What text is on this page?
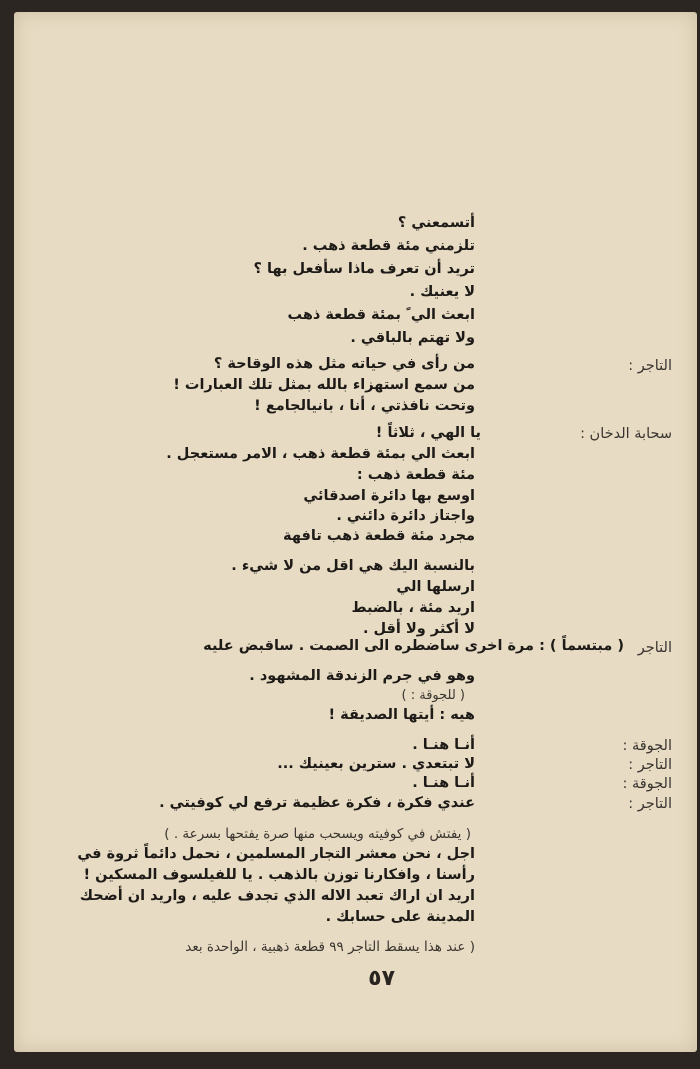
أتسمعني ؟
تلزمني مئة قطعة ذهب .
تريد أن تعرف ماذا سأفعل بها ؟
لا يعنيك .
ابعث الي ً بمئة قطعة ذهب
ولا تهتم بالباقي .
التاجر :
من رأى في حياته مثل هذه الوقاحة ؟
من سمع استهزاء بالله بمثل تلك العبارات !
وتحت نافذتي ، أنا ، بانيالجامع !
سحابة الدخان :
يا الهي ، ثلاثاً !
ابعث الي بمئة قطعة ذهب ، الامر مستعجل .
مئة قطعة ذهب :
اوسع بها دائرة اصدقائي
واجتاز دائرة دائني .
مجرد مئة قطعة ذهب تافهة
بالنسبة اليك هي اقل من لا شيء .
ارسلها الي
اريد مئة ، بالضبط
لا أكثر ولا أقل .
التاجر
( مبتسماً ) : مرة اخرى ساضطره الى الصمت . ساقبض عليه
وهو في جرم الزندقة المشهود .
( للجوقة : )
هيه : أيتها الصديقة !
الجوقة :
أنـا هنـا .
التاجر :
لا تبتعدي . سترين بعينيك ...
الجوقة :
أنـا هنـا .
التاجر :
عندي فكرة ، فكرة عظيمة ترفع لي كوفيتي .
( يفتش في كوفيته ويسحب منها صرة يفتحها بسرعة . )
اجل ، نحن معشر التجار المسلمين ، نحمل دائماً ثروة في
رأسنا ، وافكارنا توزن بالذهب . يا للفيلسوف المسكين !
اريد ان اراك تعبد الاله الذي تجدف عليه ، واريد ان أضحك
المدينة على حسابك .
( عند هذا يسقط التاجر ٩٩ قطعة ذهبية ، الواحدة بعد
٥٧
